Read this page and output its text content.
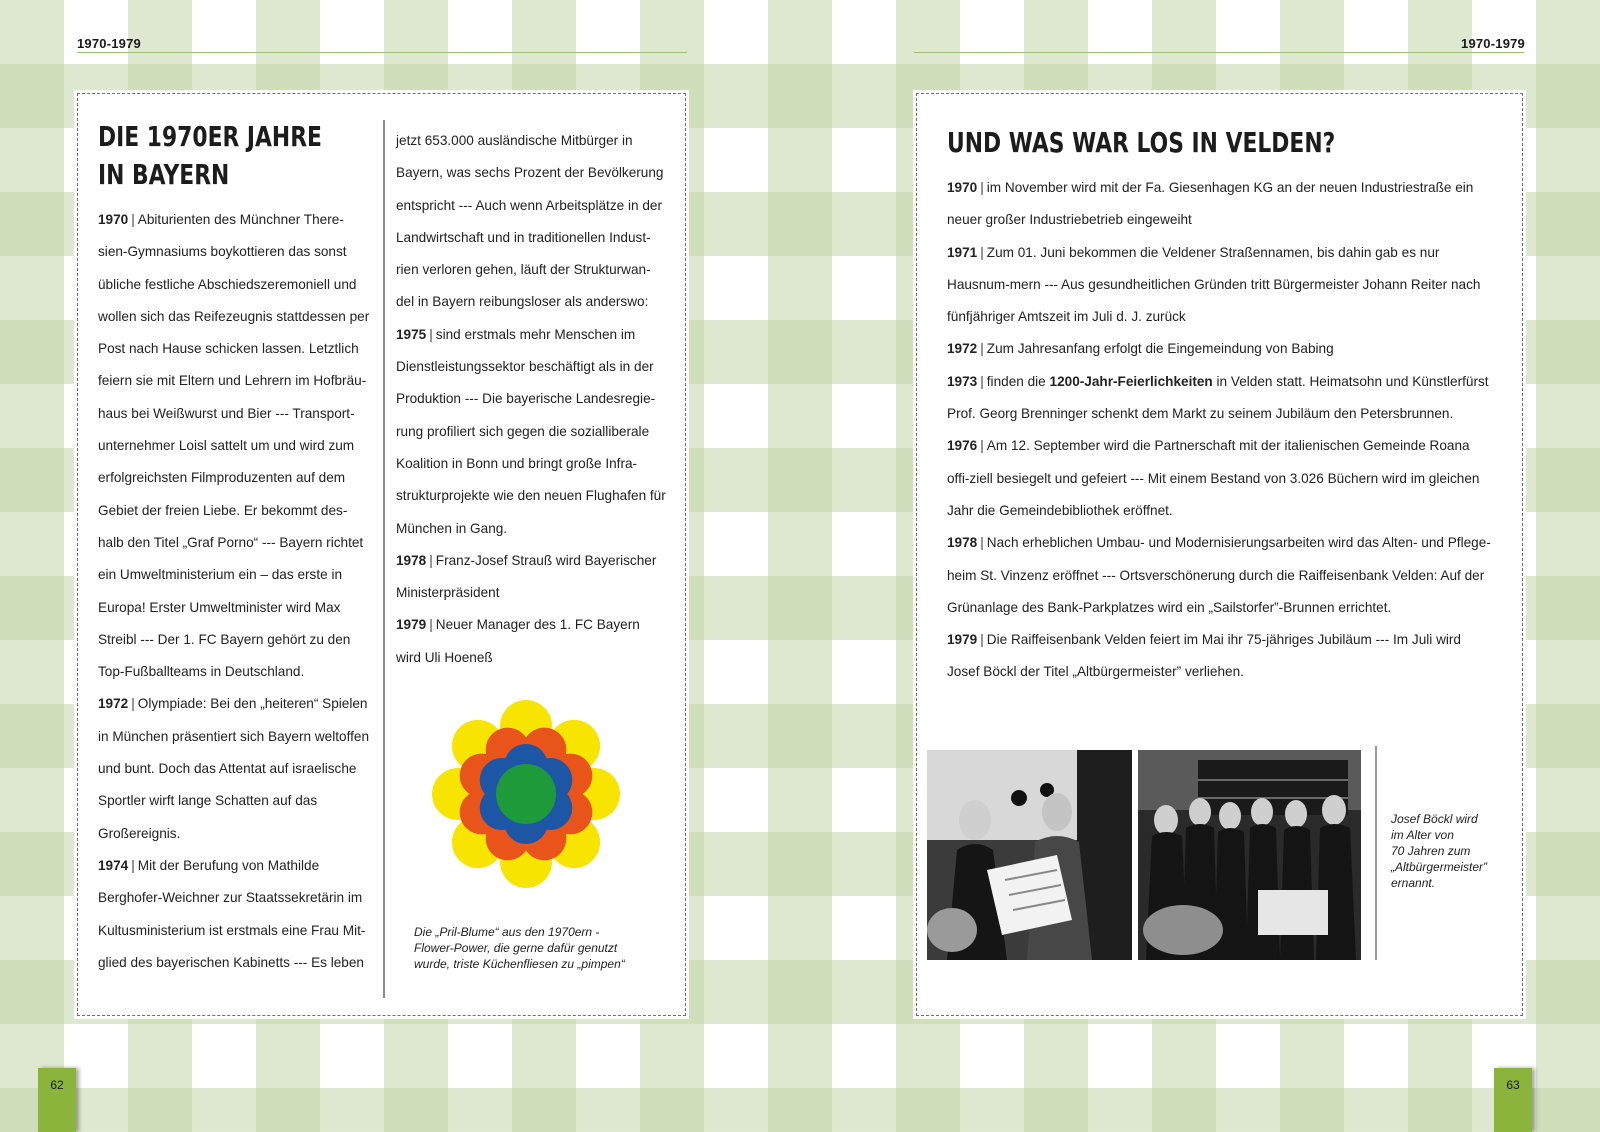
1970-1979
DIE 1970ER JAHRE
IN BAYERN

1970 | Abiturienten des Münchner There-sien-Gymnasiums boykottieren das sonst übliche festliche Abschiedszeremoniell und wollen sich das Reifezeugnis stattdessen per Post nach Hause schicken lassen. Letztlich feiern sie mit Eltern und Lehrern im Hofbräu-haus bei Weißwurst und Bier --- Transport-unternehmer Loisl sattelt um und wird zum erfolgreichsten Filmproduzenten auf dem Gebiet der freien Liebe. Er bekommt des-halb den Titel „Graf Porno“ --- Bayern richtet ein Umweltministerium ein – das erste in Europa! Erster Umweltminister wird Max Streibl --- Der 1. FC Bayern gehört zu den Top-Fußballteams in Deutschland.

1972 | Olympiade: Bei den „heiteren“ Spielen in München präsentiert sich Bayern weltoffen und bunt. Doch das Attentat auf israelische Sportler wirft lange Schatten auf das Großereignis.

1974 | Mit der Berufung von Mathilde Berghofer-Weichner zur Staatssekretärin im Kultusministerium ist erstmals eine Frau Mit-glied des bayerischen Kabinetts --- Es leben

jetzt 653.000 ausländische Mitbürger in Bayern, was sechs Prozent der Bevölkerung entspricht --- Auch wenn Arbeitsplätze in der Landwirtschaft und in traditionellen Indust-rien verloren gehen, läuft der Strukturwan-del in Bayern reibungsloser als anderswo:

1975 | sind erstmals mehr Menschen im Dienstleistungssektor beschäftigt als in der Produktion --- Die bayerische Landesregie-rung profiliert sich gegen die sozialliberale Koalition in Bonn und bringt große Infra-strukturprojekte wie den neuen Flughafen für München in Gang.

1978 | Franz-Josef Strauß wird Bayerischer Ministerpräsident

1979 | Neuer Manager des 1. FC Bayern wird Uli Hoeneß

Die „Pril-Blume“ aus den 1970ern -
Flower-Power, die gerne dafür genutzt
wurde, triste Küchenfliesen zu „pimpen“
62
1970-1979
UND WAS WAR LOS IN VELDEN?

1970 | im November wird mit der Fa. Giesenhagen KG an der neuen Industriestraße ein neuer großer Industriebetrieb eingeweiht

1971 | Zum 01. Juni bekommen die Veldener Straßennamen, bis dahin gab es nur Hausnum-mern --- Aus gesundheitlichen Gründen tritt Bürgermeister Johann Reiter nach fünfjähriger Amtszeit im Juli d. J. zurück

1972 | Zum Jahresanfang erfolgt die Eingemeindung von Babing

1973 | finden die 1200-Jahr-Feierlichkeiten in Velden statt. Heimatsohn und Künstlerfürst Prof. Georg Brenninger schenkt dem Markt zu seinem Jubiläum den Petersbrunnen.

1976 | Am 12. September wird die Partnerschaft mit der italienischen Gemeinde Roana offi-ziell besiegelt und gefeiert --- Mit einem Bestand von 3.026 Büchern wird im gleichen Jahr die Gemeindebibliothek eröffnet.

1978 | Nach erheblichen Umbau- und Modernisierungsarbeiten wird das Alten- und Pflege-heim St. Vinzenz eröffnet --- Ortsverschönerung durch die Raiffeisenbank Velden: Auf der Grünanlage des Bank-Parkplatzes wird ein „Sailstorfer”-Brunnen errichtet.

1979 | Die Raiffeisenbank Velden feiert im Mai ihr 75-jähriges Jubiläum --- Im Juli wird Josef Böckl der Titel „Altbürgermeister” verliehen.

Josef Böckl wird
im Alter von
70 Jahren zum
„Altbürgermeister”
ernannt.
63
